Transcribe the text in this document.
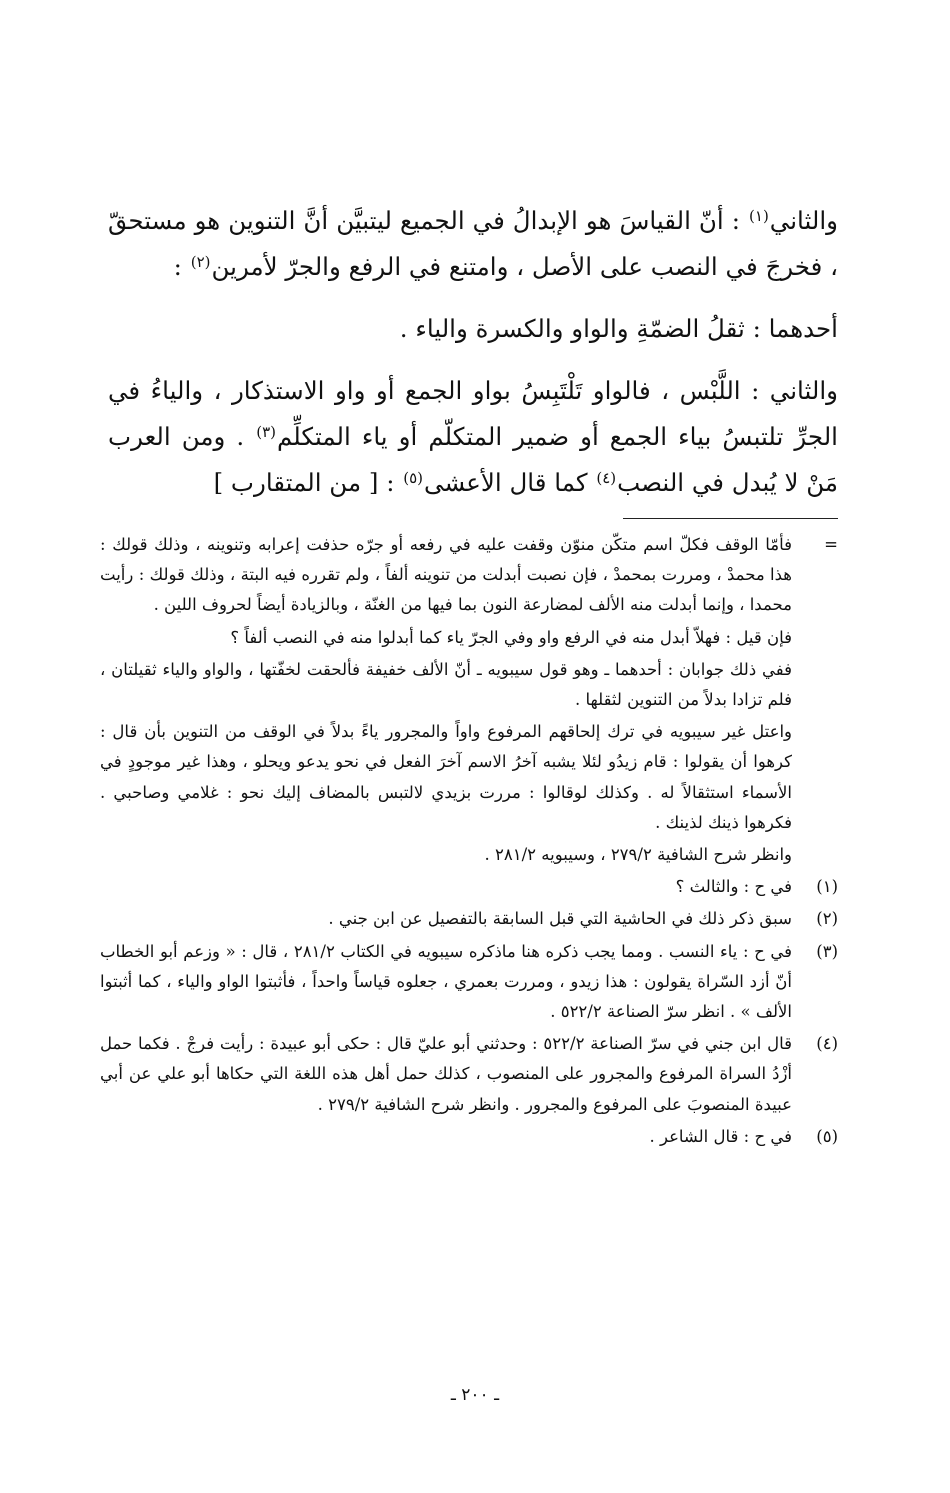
والثاني$^{(١)}$ : أنّ القياسَ هو الإبدالُ في الجميع ليتبيَّن أنَّ التنوين هو مستحقّ ، فخرجَ في النصب على الأصل ، وامتنع في الرفع والجرّ لأمرين$^{(٢)}$ :

أحدهما : ثقلُ الضمّةِ والواو والكسرة والياء .

والثاني : اللَّبْس ، فالواو تَلْتَبِسُ بواو الجمع أو واو الاستذكار ، والياءُ في الجرِّ تلتبسُ بياء الجمع أو ضمير المتكلّم أو ياء المتكلِّم$^{(٣)}$ . ومن العرب مَنْ لا يُبدل في النصب$^{(٤)}$ كما قال الأعشى$^{(٥)}$ : [ من المتقارب ]

=

فأمّا الوقف فكلّ اسم متكّن منوّن وقفت عليه في رفعه أو جرّه حذفت إعرابه وتنوينه ، وذلك قولك : هذا محمدْ ، ومررت بمحمدْ ، فإن نصبت أبدلت من تنوينه ألفاً ، ولم تقرره فيه البتة ، وذلك قولك : رأيت محمدا ، وإنما أبدلت منه الألف لمضارعة النون بما فيها من الغنّة ، وبالزيادة أيضاً لحروف اللين .

فإن قيل : فهلاّ أبدل منه في الرفع واو وفي الجرّ ياء كما أبدلوا منه في النصب ألفاً ؟

ففي ذلك جوابان : أحدهما ـ وهو قول سيبويه ـ أنّ الألف خفيفة فألحقت لخفّتها ، والواو والياء ثقيلتان ، فلم تزادا بدلاً من التنوين لثقلها .

واعتل غير سيبويه في ترك إلحاقهم المرفوع واواً والمجرور ياءً بدلاً في الوقف من التنوين بأن قال : كرهوا أن يقولوا : قام زيدُو لئلا يشبه آخرُ الاسم آخرَ الفعل في نحو يدعو ويحلو ، وهذا غير موجودٍ في الأسماء استثقالاً له . وكذلك لوقالوا : مررت بزيدي لالتبس بالمضاف إليك نحو : غلامي وصاحبي . فكرهوا ذينك لذينك .

وانظر شرح الشافية ٢٧٩/٢ ، وسيبويه ٢٨١/٢ .

(١)

في ح : والثالث ؟

(٢)

سبق ذكر ذلك في الحاشية التي قبل السابقة بالتفصيل عن ابن جني .

(٣)

في ح : ياء النسب . ومما يجب ذكره هنا ماذكره سيبويه في الكتاب ٢٨١/٢ ، قال : « وزعم أبو الخطاب أنّ أزد السّراة يقولون : هذا زيدو ، ومررت بعمري ، جعلوه قياساً واحداً ، فأثبتوا الواو والياء ، كما أثبتوا الألف » . انظر سرّ الصناعة ٥٢٢/٢ .

(٤)

قال ابن جني في سرّ الصناعة ٥٢٢/٢ : وحدثني أبو عليّ قال : حكى أبو عبيدة : رأيت فرجْ . فكما حمل أزْدُ السراة المرفوع والمجرور على المنصوب ، كذلك حمل أهل هذه اللغة التي حكاها أبو علي عن أبي عبيدة المنصوبَ على المرفوع والمجرور . وانظر شرح الشافية ٢٧٩/٢ .

(٥)

في ح : قال الشاعر .

ـ ٢٠٠ ـ
